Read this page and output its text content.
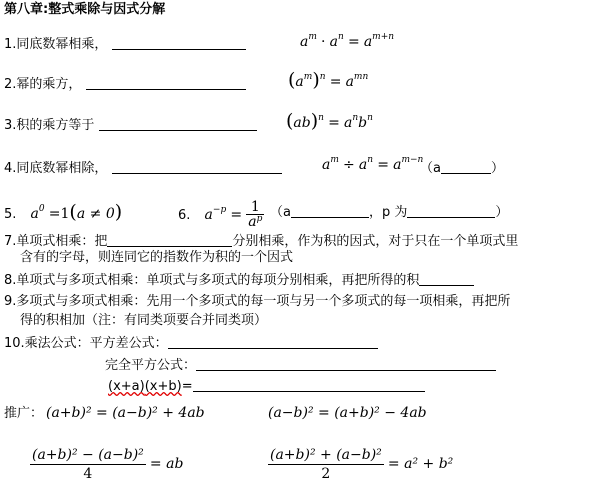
第八章:整式乘除与因式分解
1.同底数幂相乘，	$a^m \cdot a^n = a^{m+n}$
2.幂的乘方，	$(a^m)^n = a^{mn}$
3.积的乘方等于	$(ab)^n = a^nb^n$
4.同底数幂相除，	$a^m \div a^n = a^{m-n}$
（a	）
5. $a^0 =1(a \ne 0)$	6. $a^{-p} = \frac{1}{a^p} (a$	，p 为	）
7.单项式相乘：把	分别相乘，作为积的因式，对于只在一个单项式里
含有的字母，则连同它的指数作为积的一个因式
8.单项式与多项式相乘：单项式与多项式的每项分别相乘，再把所得的积
9.多项式与多项式相乘：先用一个多项式的每一项与另一个多项式的每一项相乘，再把所
得的积相加（注：有同类项要合并同类项）
10.乘法公式：平方差公式：
完全平方公式：
(x+a)(x+b)=
推广： (a+b)² = (a−b)² + 4ab	(a−b)² = (a+b)² − 4ab
$\frac{\text{(a+b)² − (a−b)²}}{4}$ = ab	$\frac{\text{(a+b)² + (a−b)²}}{2} = a^2 + b^2$
